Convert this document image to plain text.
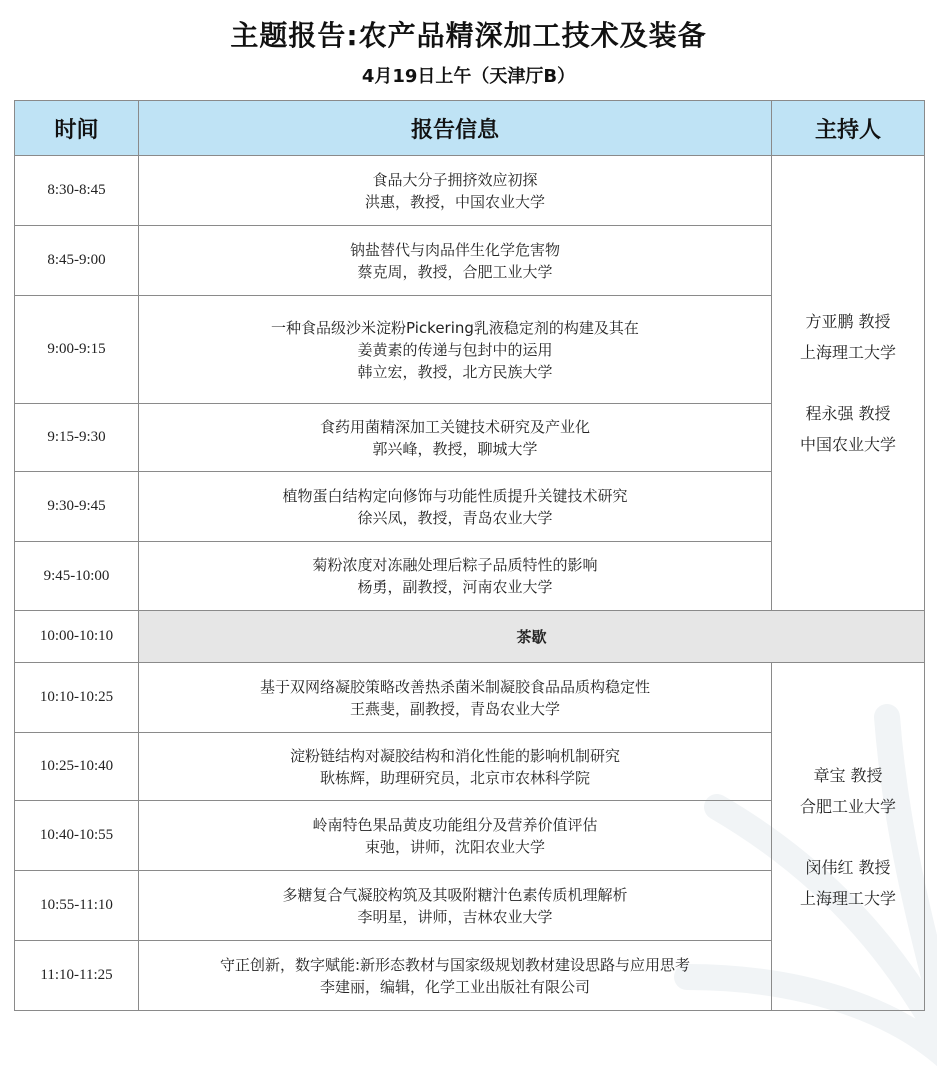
主题报告:农产品精深加工技术及装备
4月19日上午（天津厅B）
时间	报告信息	主持人
8:30-8:45	食品大分子拥挤效应初探
洪惠，教授，中国农业大学	方亚鹏 教授
上海理工大学
程永强 教授
中国农业大学

8:45-9:00	钠盐替代与肉品伴生化学危害物
蔡克周，教授，合肥工业大学	

9:00-9:15	一种食品级沙米淀粉Pickering乳液稳定剂的构建及其在
姜黄素的传递与包封中的运用
韩立宏，教授，北方民族大学	

9:15-9:30	食药用菌精深加工关键技术研究及产业化
郭兴峰，教授，聊城大学	

9:30-9:45	植物蛋白结构定向修饰与功能性质提升关键技术研究
徐兴凤，教授，青岛农业大学	

9:45-10:00	菊粉浓度对冻融处理后粽子品质特性的影响
杨勇，副教授，河南农业大学	

10:00-10:10	茶歇	
10:10-10:25	基于双网络凝胶策略改善热杀菌米制凝胶食品品质构稳定性
王燕斐，副教授，青岛农业大学	章宝 教授
合肥工业大学
闵伟红 教授
上海理工大学

10:25-10:40	淀粉链结构对凝胶结构和消化性能的影响机制研究
耿栋辉，助理研究员，北京市农林科学院	

10:40-10:55	岭南特色果品黄皮功能组分及营养价值评估
束弛，讲师，沈阳农业大学	

10:55-11:10	多糖复合气凝胶构筑及其吸附糖汁色素传质机理解析
李明星，讲师，吉林农业大学	

11:10-11:25	守正创新，数字赋能:新形态教材与国家级规划教材建设思路与应用思考
李建丽，编辑，化学工业出版社有限公司	
